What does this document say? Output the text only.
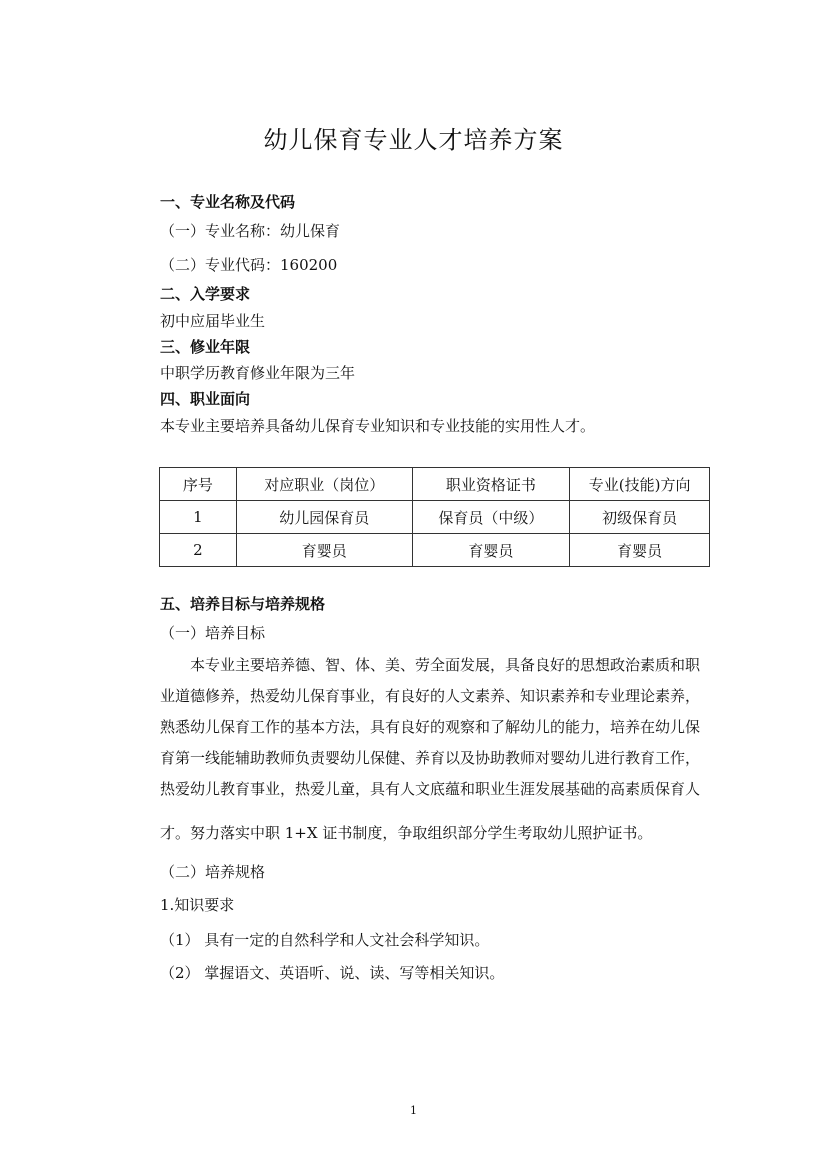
幼儿保育专业人才培养方案
一、专业名称及代码
（一）专业名称：幼儿保育
（二）专业代码：160200
二、入学要求
初中应届毕业生
三、修业年限
中职学历教育修业年限为三年
四、职业面向
本专业主要培养具备幼儿保育专业知识和专业技能的实用性人才。
序号	对应职业（岗位）	职业资格证书	专业(技能)方向
1	幼儿园保育员	保育员（中级）	初级保育员
2	育婴员	育婴员	育婴员
五、培养目标与培养规格
（一）培养目标
本专业主要培养德、智、体、美、劳全面发展，具备良好的思想政治素质和职
业道德修养，热爱幼儿保育事业，有良好的人文素养、知识素养和专业理论素养，
熟悉幼儿保育工作的基本方法，具有良好的观察和了解幼儿的能力，培养在幼儿保
育第一线能辅助教师负责婴幼儿保健、养育以及协助教师对婴幼儿进行教育工作，
热爱幼儿教育事业，热爱儿童，具有人文底蕴和职业生涯发展基础的高素质保育人
才。努力落实中职 1+X 证书制度，争取组织部分学生考取幼儿照护证书。
（二）培养规格
1.知识要求
（1） 具有一定的自然科学和人文社会科学知识。
（2） 掌握语文、英语听、说、读、写等相关知识。
1
